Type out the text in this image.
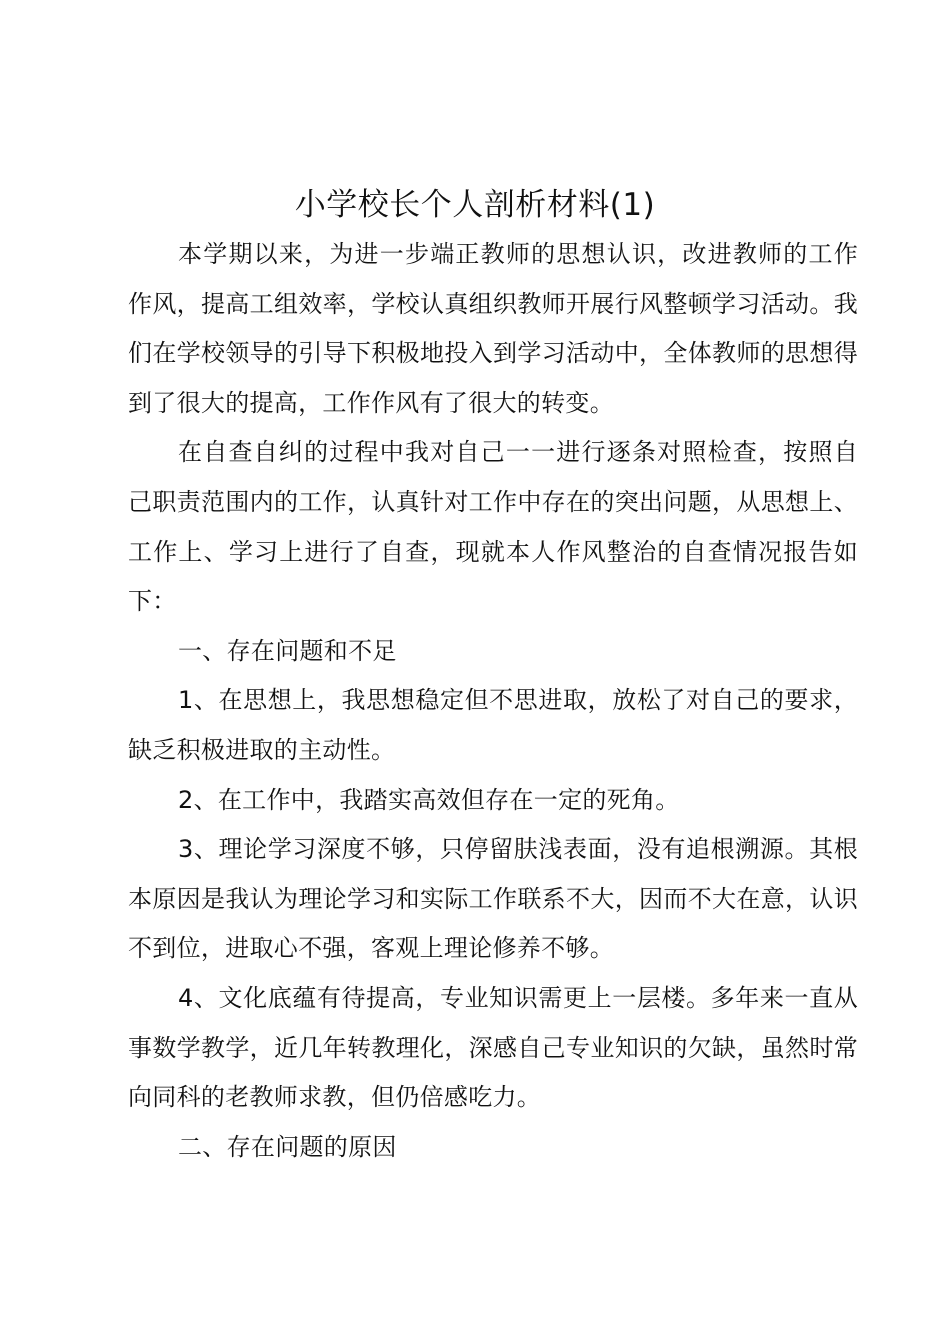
小学校长个人剖析材料(1)

本学期以来，为进一步端正教师的思想认识，改进教师的工作作风，提高工组效率，学校认真组织教师开展行风整顿学习活动。我们在学校领导的引导下积极地投入到学习活动中，全体教师的思想得到了很大的提高，工作作风有了很大的转变。

在自查自纠的过程中我对自己一一进行逐条对照检查，按照自己职责范围内的工作，认真针对工作中存在的突出问题，从思想上、工作上、学习上进行了自查，现就本人作风整治的自查情况报告如下：

一、存在问题和不足

1、在思想上，我思想稳定但不思进取，放松了对自己的要求，缺乏积极进取的主动性。

2、在工作中，我踏实高效但存在一定的死角。

3、理论学习深度不够，只停留肤浅表面，没有追根溯源。其根本原因是我认为理论学习和实际工作联系不大，因而不大在意，认识不到位，进取心不强，客观上理论修养不够。

4、文化底蕴有待提高，专业知识需更上一层楼。多年来一直从事数学教学，近几年转教理化，深感自己专业知识的欠缺，虽然时常向同科的老教师求教，但仍倍感吃力。

二、存在问题的原因
